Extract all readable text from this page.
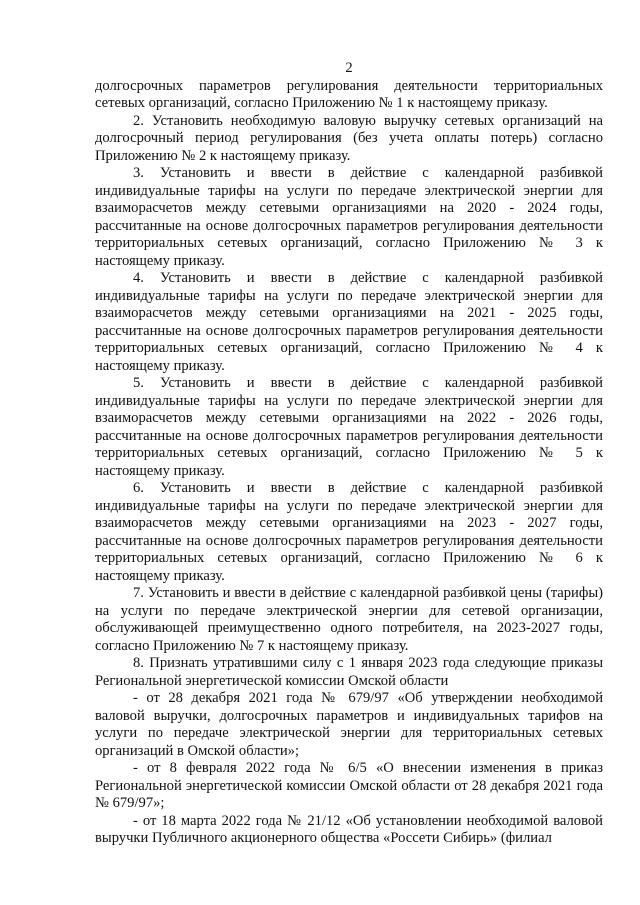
2

долгосрочных параметров регулирования деятельности территориальных сетевых организаций, согласно Приложению № 1 к настоящему приказу.

2. Установить необходимую валовую выручку сетевых организаций на долгосрочный период регулирования (без учета оплаты потерь) согласно Приложению № 2 к настоящему приказу.

3. Установить и ввести в действие с календарной разбивкой индивидуальные тарифы на услуги по передаче электрической энергии для взаиморасчетов между сетевыми организациями на 2020 - 2024 годы, рассчитанные на основе долгосрочных параметров регулирования деятельности территориальных сетевых организаций, согласно Приложению № 3 к настоящему приказу.

4. Установить и ввести в действие с календарной разбивкой индивидуальные тарифы на услуги по передаче электрической энергии для взаиморасчетов между сетевыми организациями на 2021 - 2025 годы, рассчитанные на основе долгосрочных параметров регулирования деятельности территориальных сетевых организаций, согласно Приложению № 4 к настоящему приказу.

5. Установить и ввести в действие с календарной разбивкой индивидуальные тарифы на услуги по передаче электрической энергии для взаиморасчетов между сетевыми организациями на 2022 - 2026 годы, рассчитанные на основе долгосрочных параметров регулирования деятельности территориальных сетевых организаций, согласно Приложению № 5 к настоящему приказу.

6. Установить и ввести в действие с календарной разбивкой индивидуальные тарифы на услуги по передаче электрической энергии для взаиморасчетов между сетевыми организациями на 2023 - 2027 годы, рассчитанные на основе долгосрочных параметров регулирования деятельности территориальных сетевых организаций, согласно Приложению № 6 к настоящему приказу.

7. Установить и ввести в действие с календарной разбивкой цены (тарифы) на услуги по передаче электрической энергии для сетевой организации, обслуживающей преимущественно одного потребителя, на 2023-2027 годы, согласно Приложению № 7 к настоящему приказу.

8. Признать утратившими силу с 1 января 2023 года следующие приказы Региональной энергетической комиссии Омской области

- от 28 декабря 2021 года № 679/97 «Об утверждении необходимой валовой выручки, долгосрочных параметров и индивидуальных тарифов на услуги по передаче электрической энергии для территориальных сетевых организаций в Омской области»;

- от 8 февраля 2022 года № 6/5 «О внесении изменения в приказ Региональной энергетической комиссии Омской области от 28 декабря 2021 года № 679/97»;

- от 18 марта 2022 года № 21/12 «Об установлении необходимой валовой выручки Публичного акционерного общества «Россети Сибирь» (филиал
